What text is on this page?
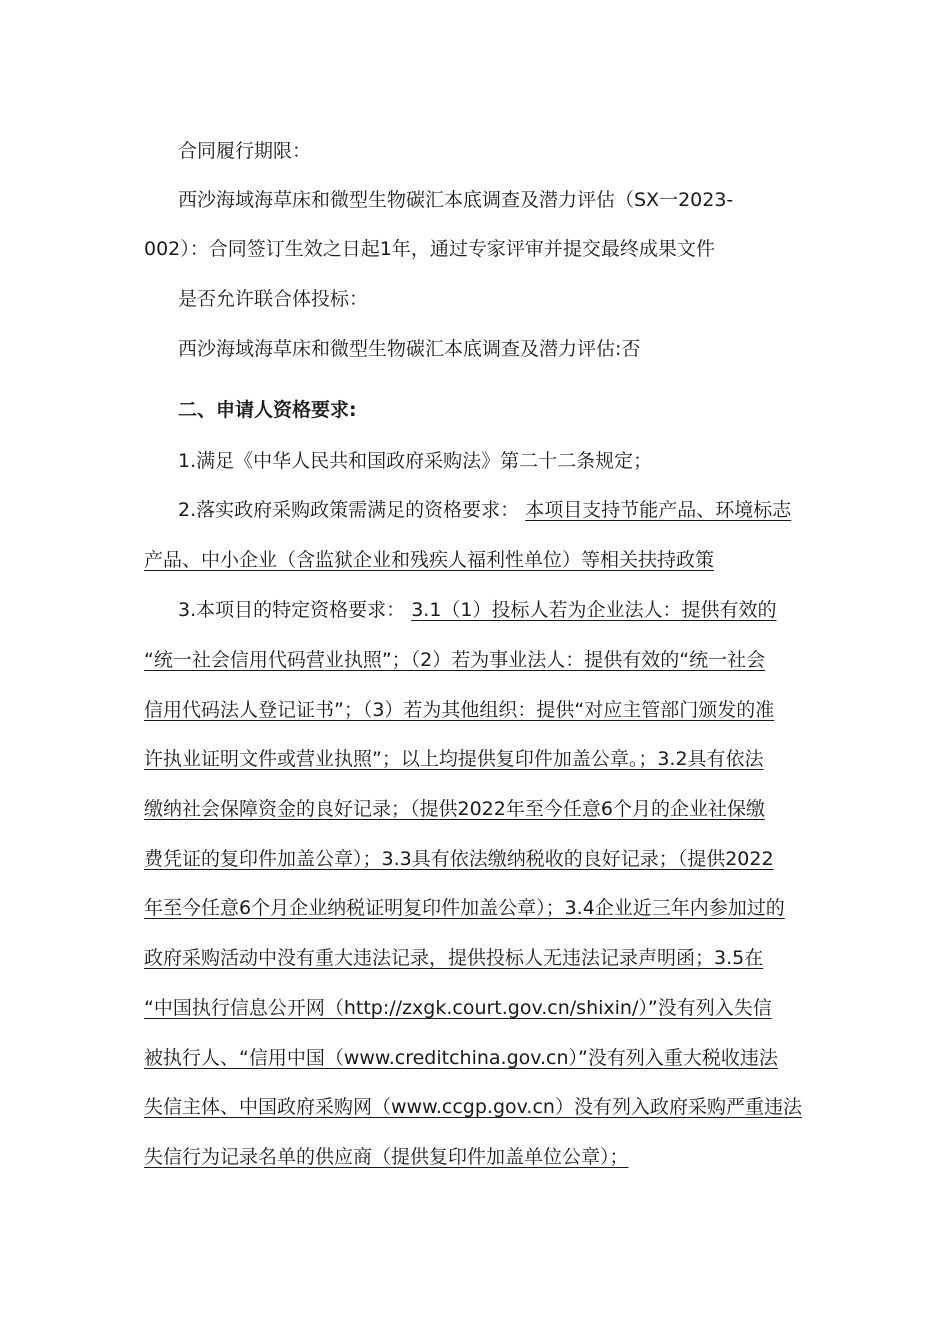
合同履行期限：
西沙海域海草床和微型生物碳汇本底调查及潜力评估（SX一2023-
002）：合同签订生效之日起1年，通过专家评审并提交最终成果文件
是否允许联合体投标：
西沙海域海草床和微型生物碳汇本底调查及潜力评估:否
二、申请人资格要求:
1.满足《中华人民共和国政府采购法》第二十二条规定；
2.落实政府采购政策需满足的资格要求： 本项目支持节能产品、环境标志
产品、中小企业（含监狱企业和残疾人福利性单位）等相关扶持政策
3.本项目的特定资格要求： 3.1（1）投标人若为企业法人：提供有效的
“统一社会信用代码营业执照”；（2）若为事业法人：提供有效的“统一社会
信用代码法人登记证书”；（3）若为其他组织：提供“对应主管部门颁发的准
许执业证明文件或营业执照”；以上均提供复印件加盖公章。；3.2具有依法
缴纳社会保障资金的良好记录；（提供2022年至今任意6个月的企业社保缴
费凭证的复印件加盖公章）；3.3具有依法缴纳税收的良好记录；（提供2022
年至今任意6个月企业纳税证明复印件加盖公章）；3.4企业近三年内参加过的
政府采购活动中没有重大违法记录，提供投标人无违法记录声明函；3.5在
“中国执行信息公开网（http://zxgk.court.gov.cn/shixin/）”没有列入失信
被执行人、“信用中国（www.creditchina.gov.cn）”没有列入重大税收违法
失信主体、中国政府采购网（www.ccgp.gov.cn）没有列入政府采购严重违法
失信行为记录名单的供应商（提供复印件加盖单位公章）；
